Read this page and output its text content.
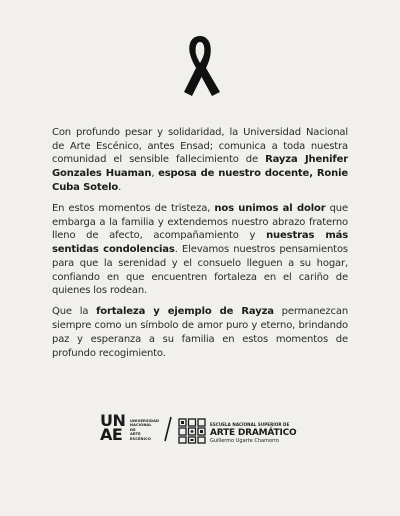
Con profundo pesar y solidaridad, la Universidad Nacional de Arte Escénico, antes Ensad; comunica a toda nuestra comunidad el sensible fallecimiento de Rayza Jhenifer Gonzales Huaman, esposa de nuestro docente, Ronie Cuba Sotelo.

En estos momentos de tristeza, nos unimos al dolor que embarga a la familia y extendemos nuestro abrazo fraterno lleno de afecto, acompañamiento y nuestras más sentidas condolencias. Elevamos nuestros pensamientos para que la serenidad y el consuelo lleguen a su hogar, confiando en que encuentren fortaleza en el cariño de quienes los rodean.

Que la fortaleza y ejemplo de Rayza permanezcan siempre como un símbolo de amor puro y eterno, brindando paz y esperanza a su familia en estos momentos de profundo recogimiento.

UN
AE
UNIVERSIDAD
NACIONAL
DE
ARTE
ESCÉNICO
ESCUELA NACIONAL SUPERIOR DE
ARTE DRAMÁTICO
Guillermo Ugarte Chamorro
